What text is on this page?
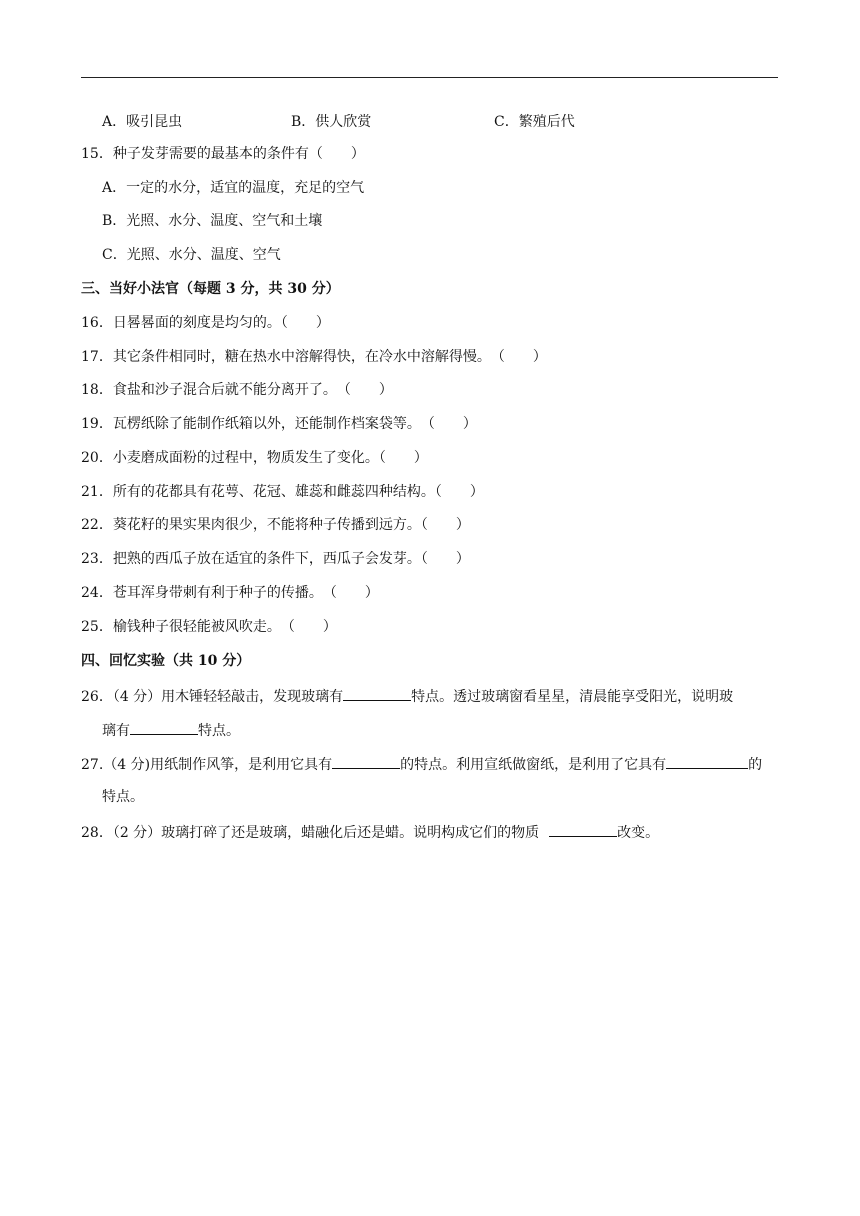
A．吸引昆虫	B．供人欣赏	C．繁殖后代
15．种子发芽需要的最基本的条件有（　　）
A．一定的水分，适宜的温度，充足的空气
B．光照、水分、温度、空气和土壤
C．光照、水分、温度、空气
三、当好小法官（每题 3 分，共 30 分）
16．日晷晷面的刻度是均匀的。（　　）
17．其它条件相同时，糖在热水中溶解得快，在冷水中溶解得慢。　（　　）
18．食盐和沙子混合后就不能分离开了。　（　　）
19．瓦楞纸除了能制作纸箱以外，还能制作档案袋等。　（　　）
20．小麦磨成面粉的过程中，物质发生了变化。（　　）
21．所有的花都具有花萼、花冠、雄蕊和雌蕊四种结构。（　　）
22．葵花籽的果实果肉很少，不能将种子传播到远方。（　　）
23．把熟的西瓜子放在适宜的条件下，西瓜子会发芽。（　　）
24．苍耳浑身带刺有利于种子的传播。　（　　）
25．榆钱种子很轻能被风吹走。　（　　）
四、回忆实验（共 10 分）
26．（4 分）用木锤轻轻敲击，发现玻璃有	特点。透过玻璃窗看星星，清晨能享受阳光，说明玻
璃有	特点。
27.（4 分)用纸制作风筝，是利用它具有	的特点。利用宣纸做窗纸，是利用了它具有	的
特点。
28．（2 分）玻璃打碎了还是玻璃，蜡融化后还是蜡。说明构成它们的物质	改变。
